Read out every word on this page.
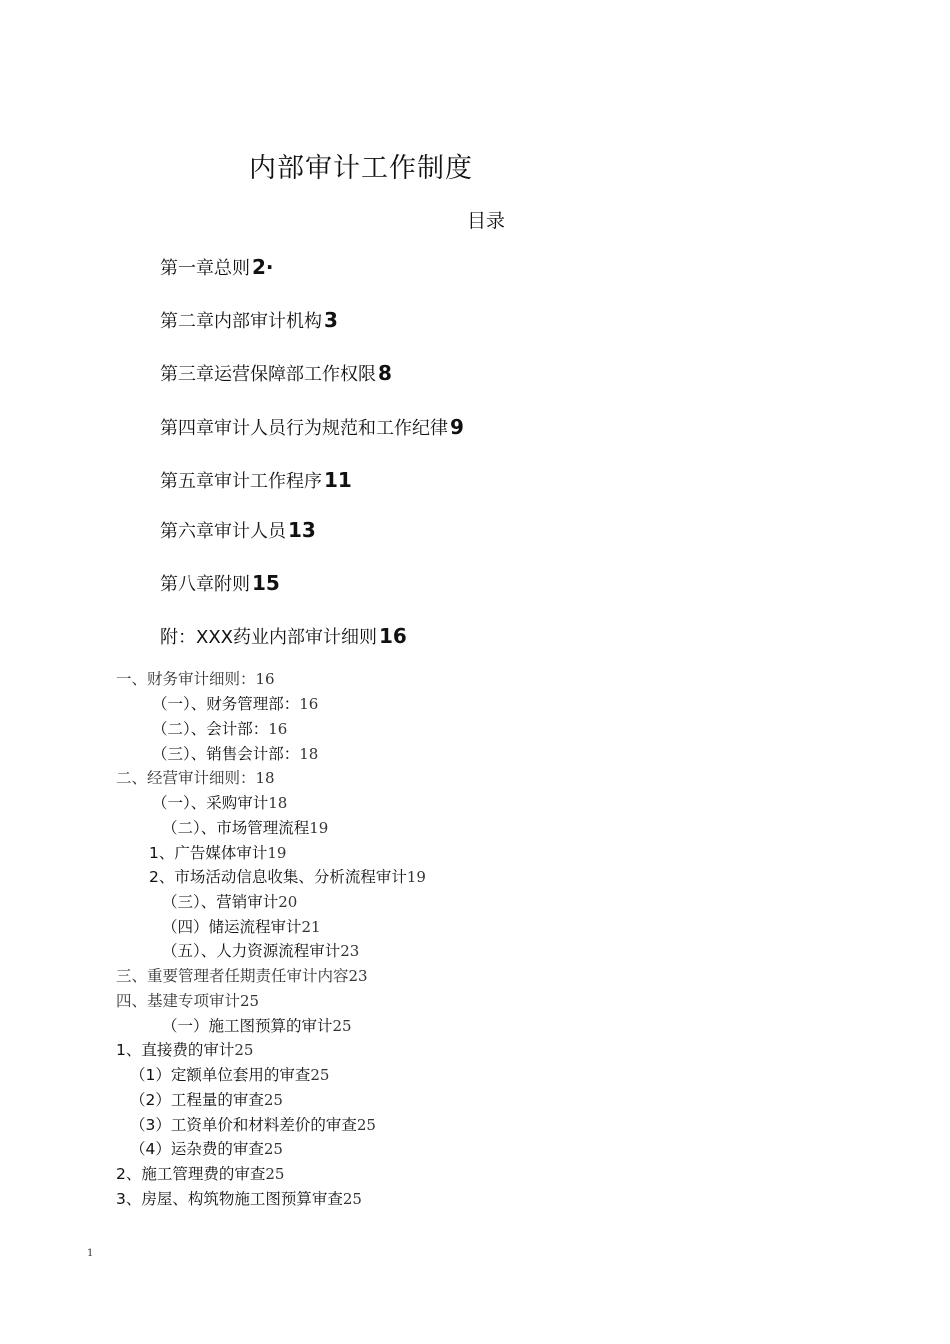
内部审计工作制度
目录
第一章总则 2·
第二章内部审计机构 3
第三章运营保障部工作权限 8
第四章审计人员行为规范和工作纪律 9
第五章审计工作程序 11
第六章审计人员 13
第八章附则 15
附：XXX药业内部审计细则 16
一、财务审计细则：16
（一）、财务管理部：16
（二）、会计部：16
（三）、销售会计部：18
二、经营审计细则：18
（一）、采购审计18
（二）、市场管理流程19
1、广告媒体审计19
2、市场活动信息收集、分析流程审计19
（三）、营销审计20
（四）储运流程审计21
（五）、人力资源流程审计23
三、重要管理者任期责任审计内容23
四、基建专项审计25
（一）施工图预算的审计25
1、直接费的审计25
（1）定额单位套用的审查25
（2）工程量的审查25
（3）工资单价和材料差价的审查25
（4）运杂费的审查25
2、施工管理费的审查25
3、房屋、构筑物施工图预算审查25
1
